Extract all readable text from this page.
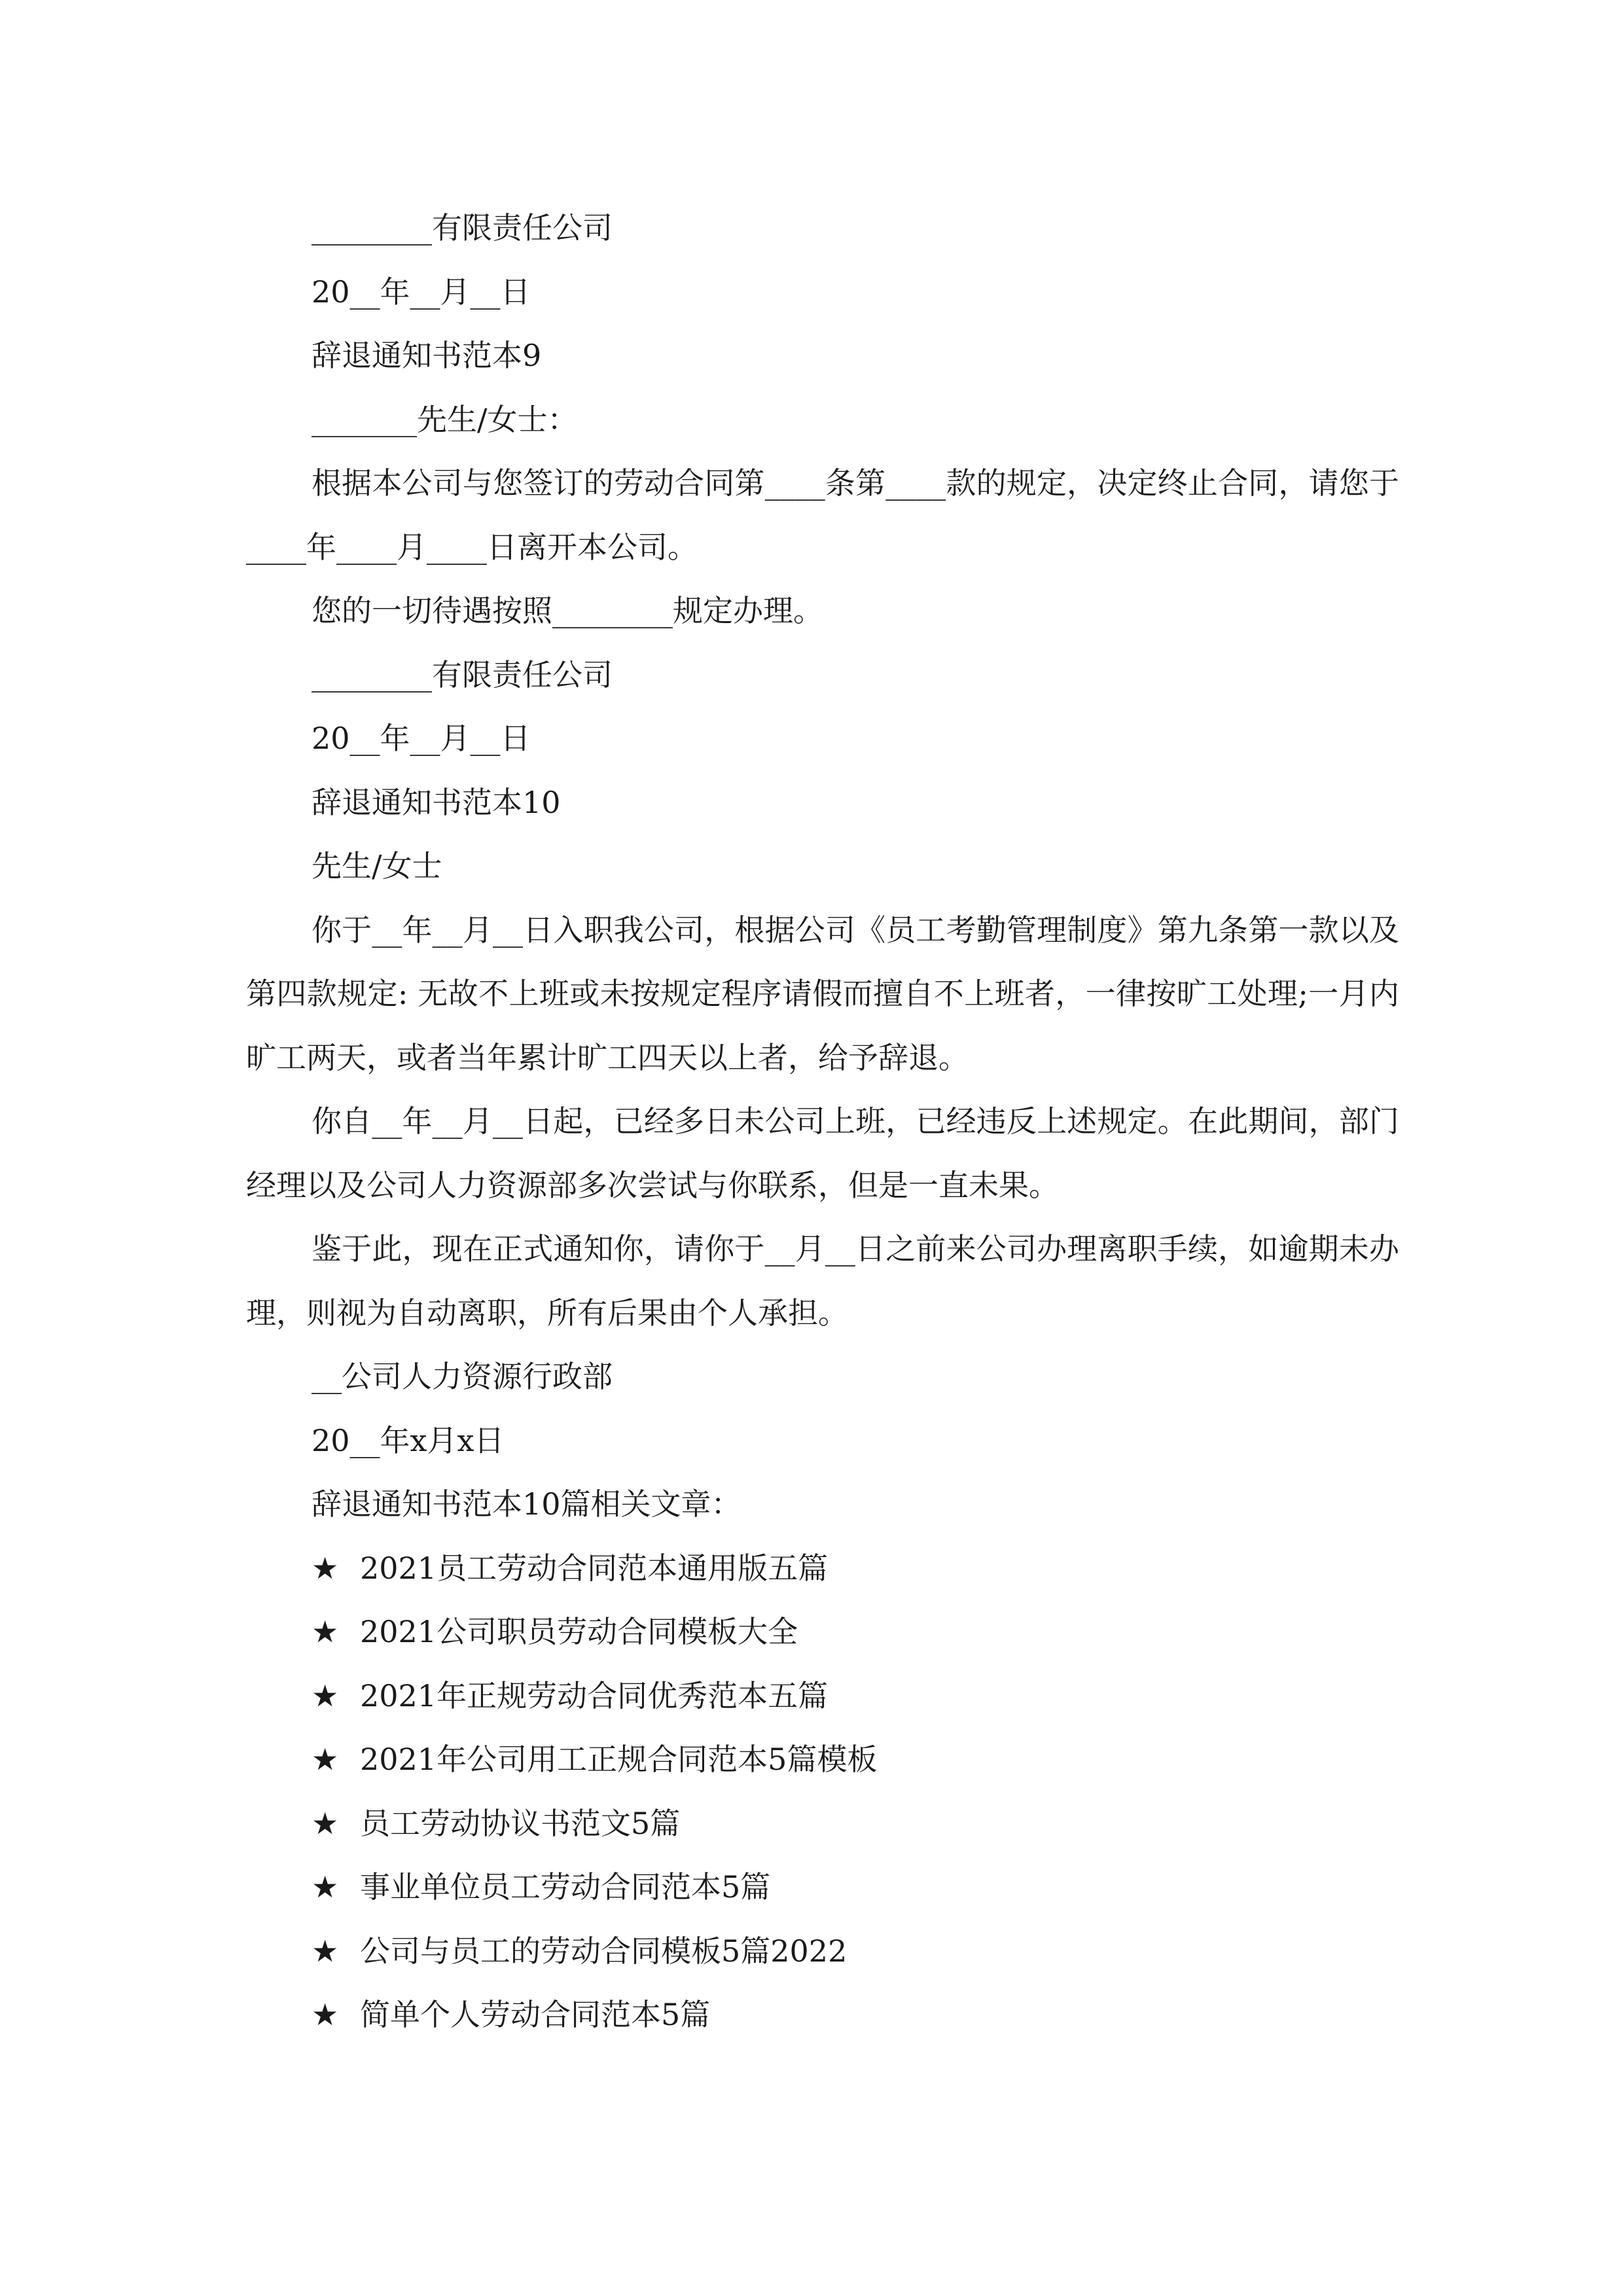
________有限责任公司

20__年__月__日

辞退通知书范本9

_______先生/女士：

根据本公司与您签订的劳动合同第____条第____款的规定，决定终止合同，请您于____年____月____日离开本公司。

您的一切待遇按照________规定办理。

________有限责任公司

20__年__月__日

辞退通知书范本10

先生/女士

你于__年__月__日入职我公司，根据公司《员工考勤管理制度》第九条第一款以及第四款规定: 无故不上班或未按规定程序请假而擅自不上班者，一律按旷工处理;一月内旷工两天，或者当年累计旷工四天以上者，给予辞退。

你自__年__月__日起，已经多日未公司上班，已经违反上述规定。在此期间，部门经理以及公司人力资源部多次尝试与你联系，但是一直未果。

鉴于此，现在正式通知你，请你于__月__日之前来公司办理离职手续，如逾期未办理，则视为自动离职，所有后果由个人承担。

__公司人力资源行政部

20__年x月x日

辞退通知书范本10篇相关文章：

★ 2021员工劳动合同范本通用版五篇
★ 2021公司职员劳动合同模板大全
★ 2021年正规劳动合同优秀范本五篇
★ 2021年公司用工正规合同范本5篇模板
★ 员工劳动协议书范文5篇
★ 事业单位员工劳动合同范本5篇
★ 公司与员工的劳动合同模板5篇2022
★ 简单个人劳动合同范本5篇
